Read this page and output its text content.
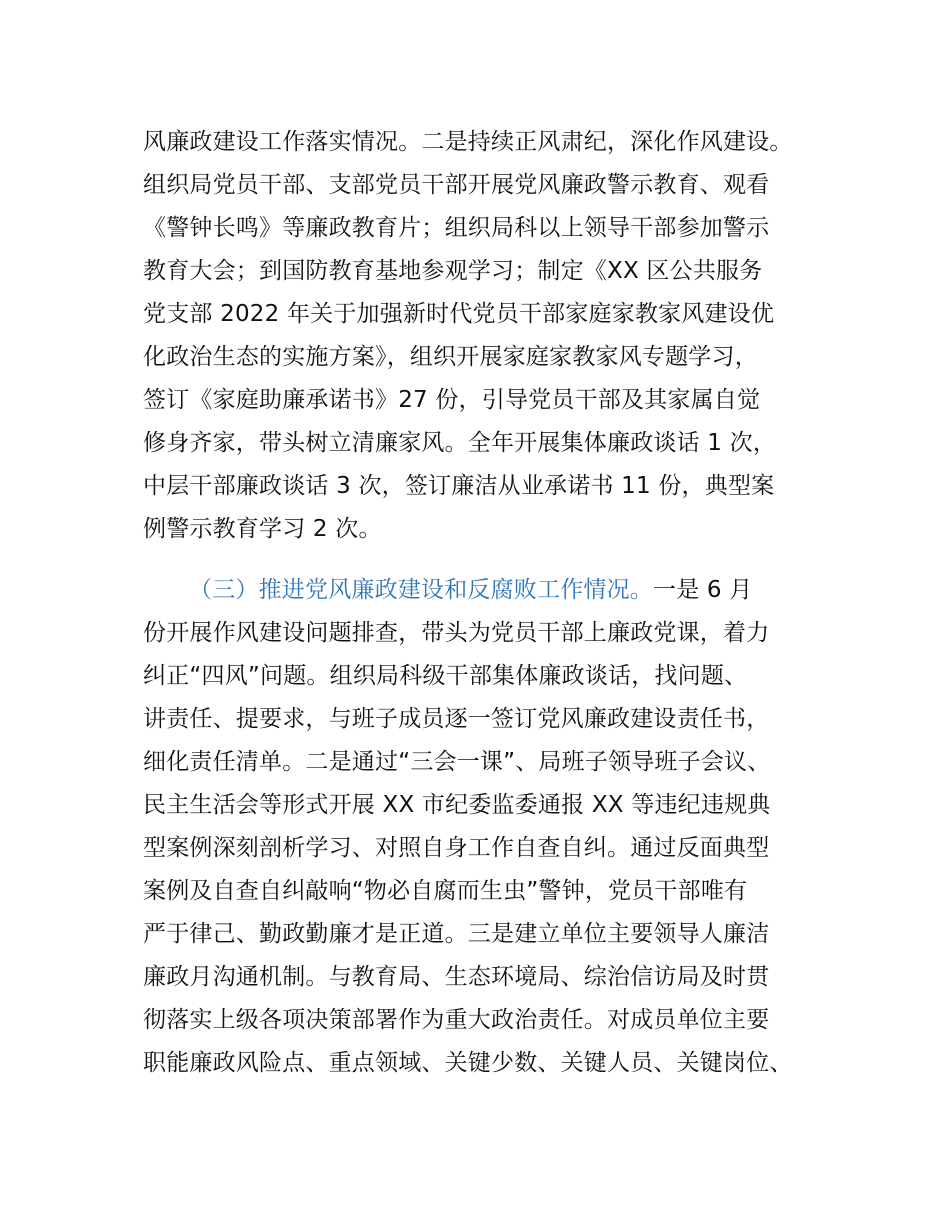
风廉政建设工作落实情况。二是持续正风肃纪，深化作风建设。
组织局党员干部、支部党员干部开展党风廉政警示教育、观看
《警钟长鸣》等廉政教育片；组织局科以上领导干部参加警示
教育大会；到国防教育基地参观学习；制定《XX 区公共服务
党支部 2022 年关于加强新时代党员干部家庭家教家风建设优
化政治生态的实施方案》，组织开展家庭家教家风专题学习，
签订《家庭助廉承诺书》27 份，引导党员干部及其家属自觉
修身齐家，带头树立清廉家风。全年开展集体廉政谈话 1 次，
中层干部廉政谈话 3 次，签订廉洁从业承诺书 11 份，典型案
例警示教育学习 2 次。
（三）推进党风廉政建设和反腐败工作情况。一是 6 月
份开展作风建设问题排查，带头为党员干部上廉政党课，着力
纠正“四风”问题。组织局科级干部集体廉政谈话，找问题、
讲责任、提要求，与班子成员逐一签订党风廉政建设责任书，
细化责任清单。二是通过“三会一课”、局班子领导班子会议、
民主生活会等形式开展 XX 市纪委监委通报 XX 等违纪违规典
型案例深刻剖析学习、对照自身工作自查自纠。通过反面典型
案例及自查自纠敲响“物必自腐而生虫”警钟，党员干部唯有
严于律己、勤政勤廉才是正道。三是建立单位主要领导人廉洁
廉政月沟通机制。与教育局、生态环境局、综治信访局及时贯
彻落实上级各项决策部署作为重大政治责任。对成员单位主要
职能廉政风险点、重点领域、关键少数、关键人员、关键岗位、
